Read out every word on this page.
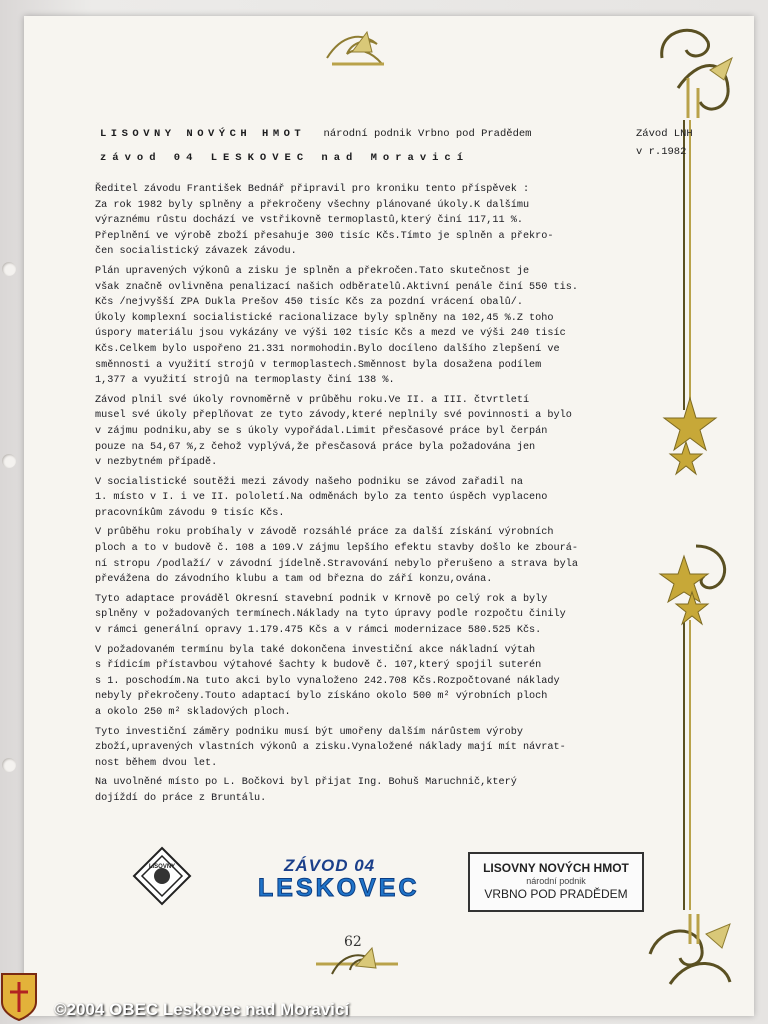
LISOVNY NOVÝCH HMOT národní podnik Vrbno pod Pradědem
závod 04 LESKOVEC nad Moravicí
Závod LNH
v r.1982
Ředitel závodu František Bednář připravil pro kroniku tento příspěvek :
Za rok 1982 byly splněny a překročeny všechny plánované úkoly.K dalšímu
výraznému růstu dochází ve vstřikovně termoplastů,který činí 117,11 %.
Přeplnění ve výrobě zboží přesahuje 300 tisíc Kčs.Tímto je splněn a překro-
čen socialistický závazek závodu.
Plán upravených výkonů a zisku je splněn a překročen.Tato skutečnost je
však značně ovlivněna penalizací našich odběratelů.Aktivní penále činí 550 tis.
Kčs /nejvyšší ZPA Dukla Prešov 450 tisíc Kčs za pozdní vrácení obalů/.
Úkoly komplexní socialistické racionalizace byly splněny na 102,45 %.Z toho
úspory materiálu jsou vykázány ve výši 102 tisíc Kčs a mezd ve výši 240 tisíc
Kčs.Celkem bylo uspořeno 21.331 normohodin.Bylo docíleno dalšího zlepšení ve
směnnosti a využití strojů v termoplastech.Směnnost byla dosažena podílem
1,377 a využití strojů na termoplasty činí 138 %.
Závod plnil své úkoly rovnoměrně v průběhu roku.Ve II. a III. čtvrtletí
musel své úkoly přeplňovat ze tyto závody,které neplnily své povinnosti a bylo
v zájmu podniku,aby se s úkoly vypořádal.Limit přesčasové práce byl čerpán
pouze na 54,67 %,z čehož vyplývá,že přesčasová práce byla požadována jen
v nezbytném případě.
V socialistické soutěži mezi závody našeho podniku se závod zařadil na
1. místo v I. i ve II. pololetí.Na odměnách bylo za tento úspěch vyplaceno
pracovníkům závodu 9 tisíc Kčs.
V průběhu roku probíhaly v závodě rozsáhlé práce za další získání výrobních
ploch a to v budově č. 108 a 109.V zájmu lepšího efektu stavby došlo ke zbourá-
ní stropu /podlaží/ v závodní jídelně.Stravování nebylo přerušeno a strava byla
převážena do závodního klubu a tam od března do září konzu,ována.
Tyto adaptace prováděl Okresní stavební podnik v Krnově po celý rok a byly
splněny v požadovaných termínech.Náklady na tyto úpravy podle rozpočtu činily
v rámci generální opravy 1.179.475 Kčs a v rámci modernizace 580.525 Kčs.
V požadovaném termínu byla také dokončena investiční akce nákladní výtah
s řídicím přístavbou výtahové šachty k budově č. 107,který spojil suterén
s 1. poschodím.Na tuto akci bylo vynaloženo 242.708 Kčs.Rozpočtované náklady
nebyly překročeny.Touto adaptací bylo získáno okolo 500 m² výrobních ploch
a okolo 250 m² skladových ploch.
Tyto investiční záměry podniku musí být umořeny dalším nárůstem výroby
zboží,upravených vlastních výkonů a zisku.Vynaložené náklady mají mít návrat-
nost během dvou let.
Na uvolněné místo po L. Bočkovi byl přijat Ing. Bohuš Maruchnič,který
dojíždí do práce z Bruntálu.
LISOVNY	ZÁVOD 04
LESKOVEC
LISOVNY NOVÝCH HMOT
národní podnik
VRBNO POD PRADĚDEM
62
©2004 OBEC Leskovec nad Moravicí
